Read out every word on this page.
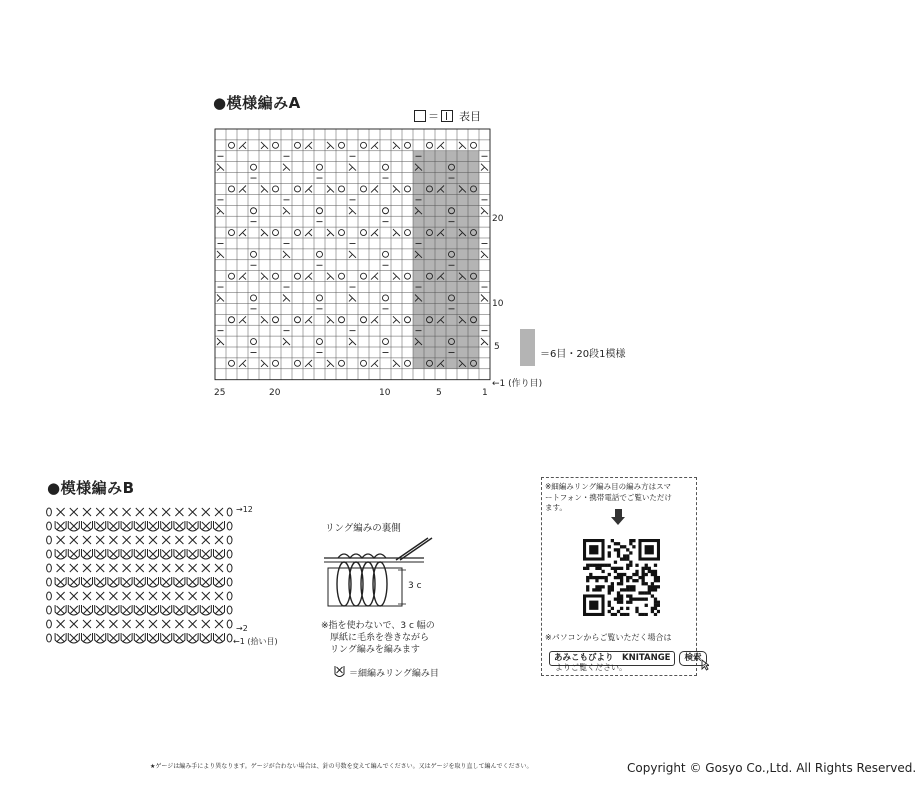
●模様編みA
＝ 表目
20
10
5
←1 (作り目)
25	20	10	5	1
＝6目・20段1模様
●模様編みB
→12
→2
←1 (拾い目)
リング編みの裏側
3 c
※指を使わないで、3 c 幅の
厚紙に毛糸を巻きながら
リング編みを編みます
＝細編みリング編み目
※細編みリング編み目の編み方はスマ
ートフォン・携帯電話でご覧いただけ
ます。
※パソコンからご覧いただく場合は
あみこもびより　KNITANGE	検索
よりご覧ください。
★ゲージは編み手により異なります。ゲージが合わない場合は、針の号数を変えて編んでください。又はゲージを取り直して編んでください。	Copyright © Gosyo Co.,Ltd. All Rights Reserved.
